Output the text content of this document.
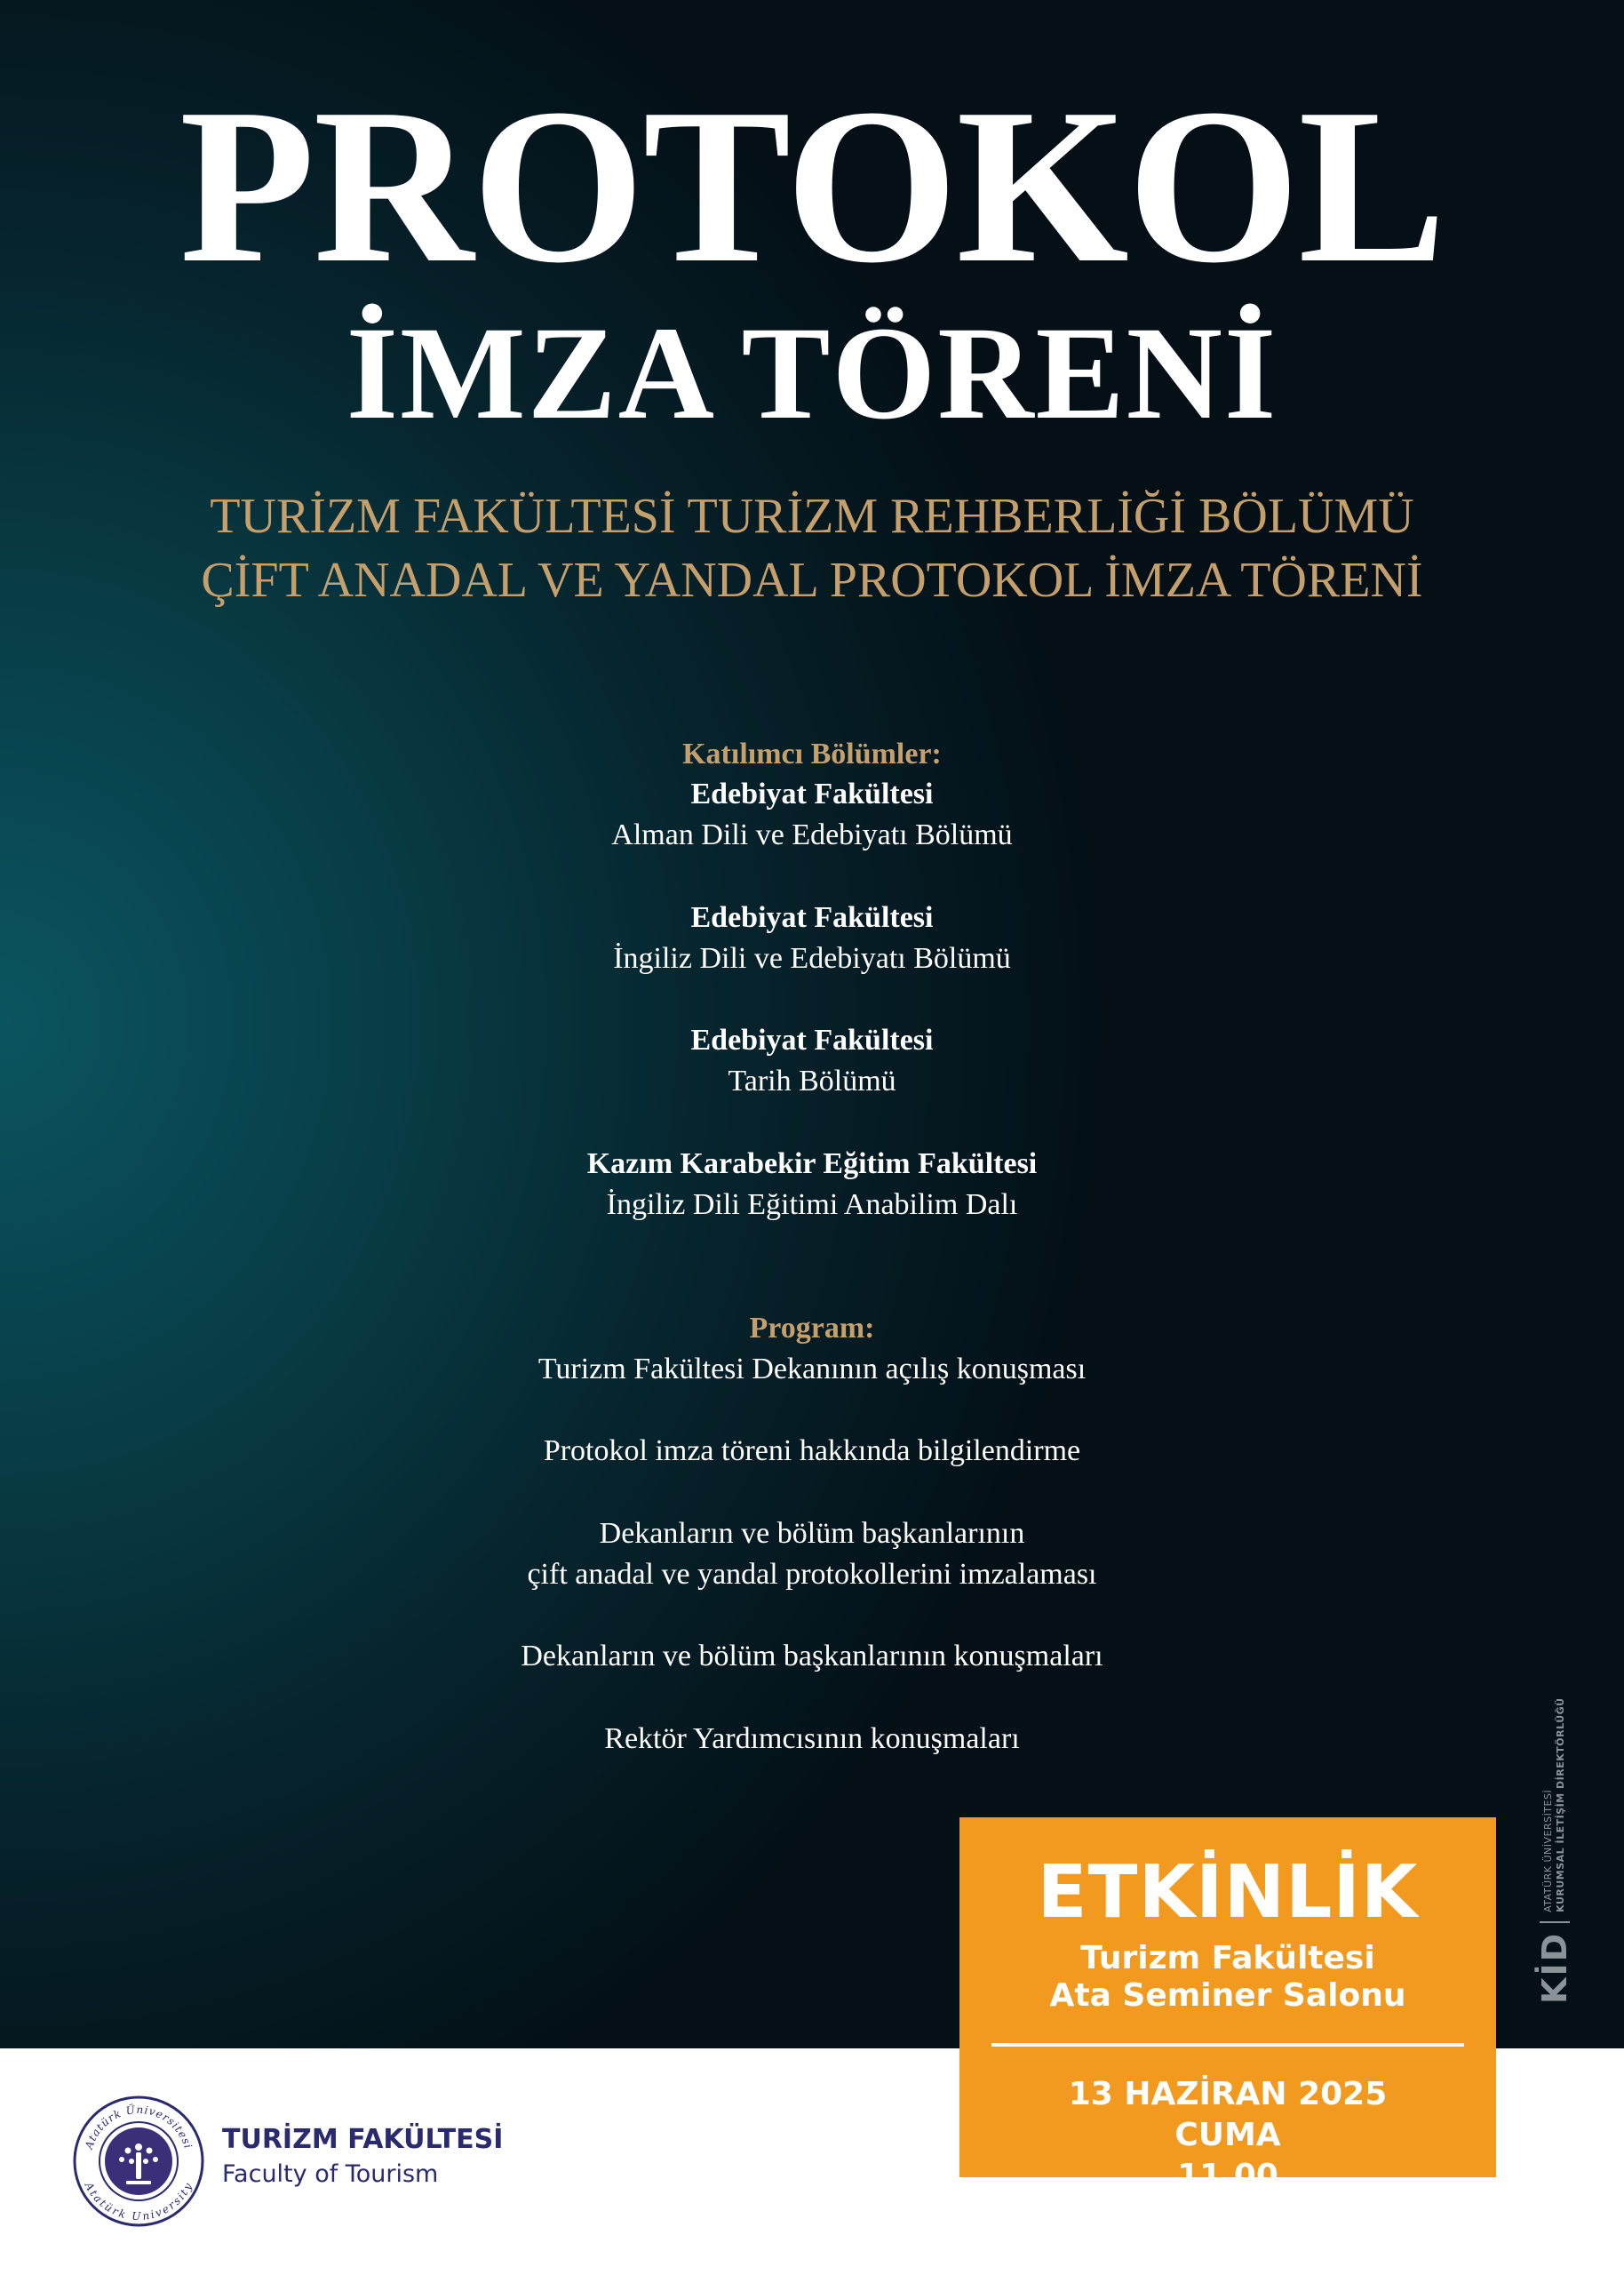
PROTOKOL
İMZA TÖRENİ

TURİZM FAKÜLTESİ TURİZM REHBERLİĞİ BÖLÜMÜ

ÇİFT ANADAL VE YANDAL PROTOKOL İMZA TÖRENİ

Katılımcı Bölümler:

Edebiyat Fakültesi

Alman Dili ve Edebiyatı Bölümü

Edebiyat Fakültesi

İngiliz Dili ve Edebiyatı Bölümü

Edebiyat Fakültesi

Tarih Bölümü

Kazım Karabekir Eğitim Fakültesi

İngiliz Dili Eğitimi Anabilim Dalı

Program:

Turizm Fakültesi Dekanının açılış konuşması

Protokol imza töreni hakkında bilgilendirme

Dekanların ve bölüm başkanlarının

çift anadal ve yandal protokollerini imzalaması

Dekanların ve bölüm başkanlarının konuşmaları

Rektör Yardımcısının konuşmaları

KİD
ATATÜRK ÜNİVERSİTESİ KURUMSAL İLETİŞİM DİREKTÖRLÜĞÜ
ETKİNLİK
Turizm Fakültesi
Ata Seminer Salonu
13 HAZİRAN 2025
CUMA
11.00
Atatürk Üniversitesi
Atatürk University

TURİZM FAKÜLTESİ

Faculty of Tourism
